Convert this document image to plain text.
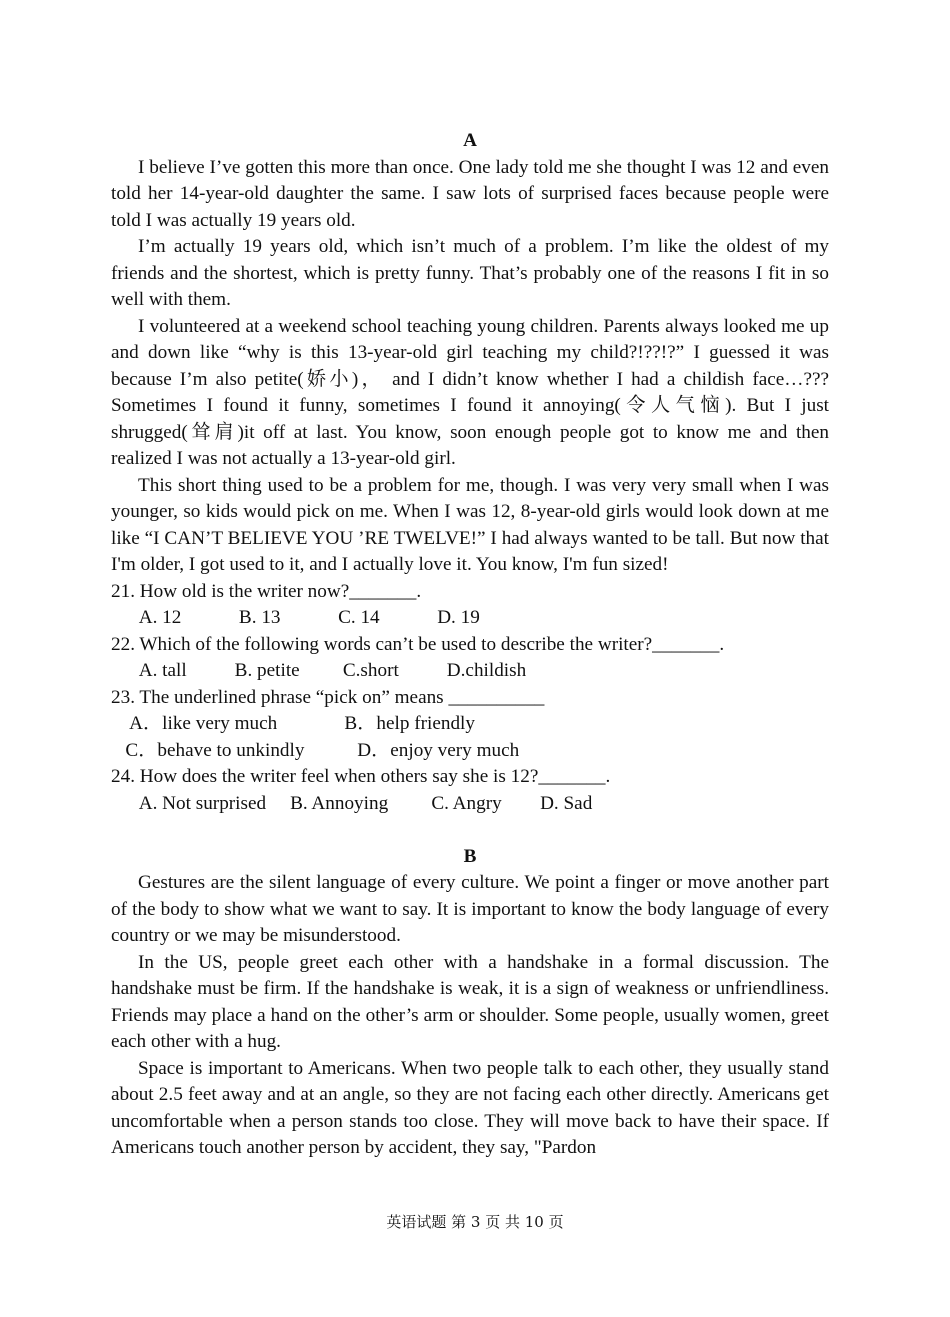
A

I believe I’ve gotten this more than once. One lady told me she thought I was 12 and even told her 14-year-old daughter the same. I saw lots of surprised faces because people were told I was actually 19 years old.

I’m actually 19 years old, which isn’t much of a problem. I’m like the oldest of my friends and the shortest, which is pretty funny. That’s probably one of the reasons I fit in so well with them.

I volunteered at a weekend school teaching young children. Parents always looked me up and down like “why is this 13-year-old girl teaching my child?!??!?” I guessed it was because I’m also petite(娇小)， and I didn’t know whether I had a childish face…??? Sometimes I found it funny, sometimes I found it annoying(令人气恼). But I just shrugged(耸肩)it off at last. You know, soon enough people got to know me and then realized I was not actually a 13-year-old girl.

This short thing used to be a problem for me, though. I was very very small when I was younger, so kids would pick on me. When I was 12, 8-year-old girls would look down at me like “I CAN’T BELIEVE YOU ’RE TWELVE!” I had always wanted to be tall. But now that I'm older, I got used to it, and I actually love it. You know, I'm fun sized!

21. How old is the writer now?_______.

A. 12            B. 13            C. 14            D. 19

22. Which of the following words can’t be used to describe the writer?_______.

A. tall          B. petite         C.short          D.childish

23. The underlined phrase “pick on” means __________

A．like very much              B．help friendly
C．behave to unkindly           D．enjoy very much

24. How does the writer feel when others say she is 12?_______.

A. Not surprised     B. Annoying         C. Angry        D. Sad

B

Gestures are the silent language of every culture. We point a finger or move another part of the body to show what we want to say. It is important to know the body language of every country or we may be misunderstood.

In the US, people greet each other with a handshake in a formal discussion. The handshake must be firm. If the handshake is weak, it is a sign of weakness or unfriendliness. Friends may place a hand on the other’s arm or shoulder. Some people, usually women, greet each other with a hug.

Space is important to Americans. When two people talk to each other, they usually stand about 2.5 feet away and at an angle, so they are not facing each other directly. Americans get uncomfortable when a person stands too close. They will move back to have their space. If Americans touch another person by accident, they say, "Pardon

英语试题 第 3 页 共 10 页
